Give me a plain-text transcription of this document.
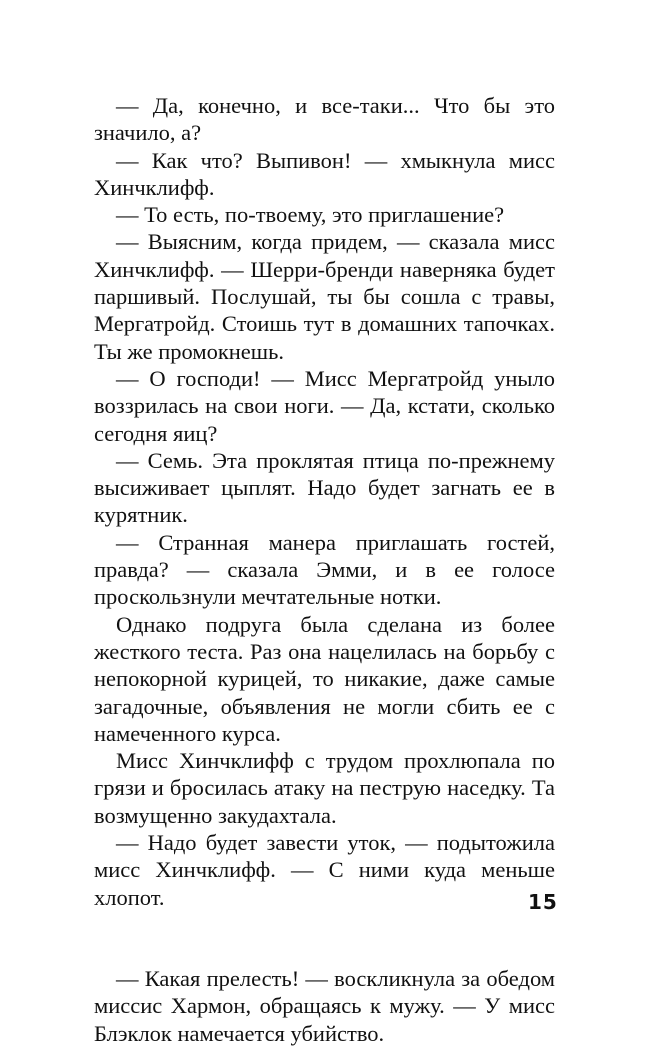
— Да, конечно, и все-таки... Что бы это значило, а?

— Как что? Выпивон! — хмыкнула мисс Хинчклифф.

— То есть, по-твоему, это приглашение?

— Выясним, когда придем, — сказала мисс Хинчклифф. — Шерри-бренди наверняка будет паршивый. Послушай, ты бы сошла с травы, Мергатройд. Стоишь тут в домашних тапочках. Ты же промокнешь.

— О господи! — Мисс Мергатройд уныло воззрилась на свои ноги. — Да, кстати, сколько сегодня яиц?

— Семь. Эта проклятая птица по-прежнему высиживает цыплят. Надо будет загнать ее в курятник.

— Странная манера приглашать гостей, правда? — сказала Эмми, и в ее голосе проскользнули мечтательные нотки.

Однако подруга была сделана из более жесткого теста. Раз она нацелилась на борьбу с непокорной курицей, то никакие, даже самые загадочные, объявления не могли сбить ее с намеченного курса.

Мисс Хинчклифф с трудом прохлюпала по грязи и бросилась атаку на пеструю наседку. Та возмущенно закудахтала.

— Надо будет завести уток, — подытожила мисс Хинчклифф. — С ними куда меньше хлопот.

— Какая прелесть! — воскликнула за обедом миссис Хармон, обращаясь к мужу. — У мисс Блэклок намечается убийство.

15
